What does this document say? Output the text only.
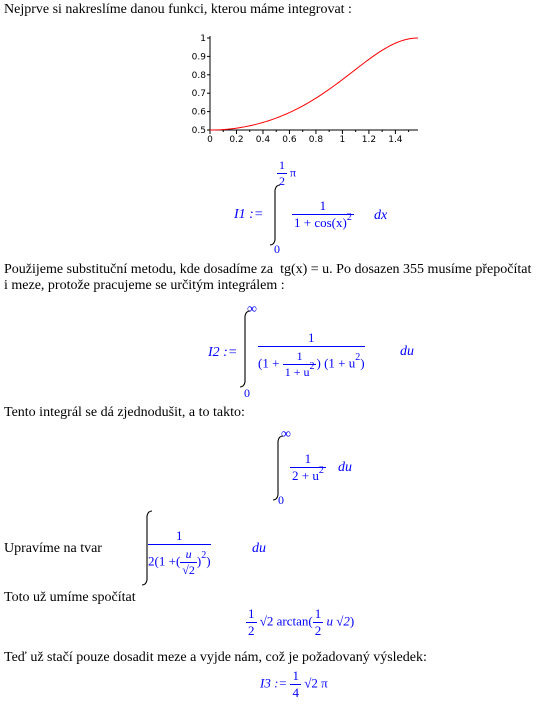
Nejprve si nakreslíme danou funkci, kterou máme integrovat :
0 0.2 0.4 0.6 0.8 1 1.2 1.4
0.5
0.6
0.7
0.8
0.9
1
I1 :=
$\frac{1}{2}$ π
0
$\frac{1}{1 + \cos(x)^2}$ dx
Použijeme substituční metodu, kde dosadíme za tg(x) = u. Po dosazen 355 musíme přepočítat
i meze, protože pracujeme se určitým integrálem :
I2 :=
∞
0
$\frac{1}{(1 + \frac{1}{1 + u^2} ) (1 + u^2)}$	du
Tento integrál se dá zjednodušit, a to takto:
∞
0
$\frac{1}{2 + u^2}$ du
Upravíme na tvar	$\frac{1}{2(1 +( \frac{u}{√2} )^2)}$	du
Toto už umíme spočítat
$\frac{1}{2} √2$ $\arctan( \frac{1}{2}$ u √2)
Teď už stačí pouze dosadit meze a vyjde nám, což je požadovaný výsledek:
I3 := $\frac{1}{4} √2$ π
